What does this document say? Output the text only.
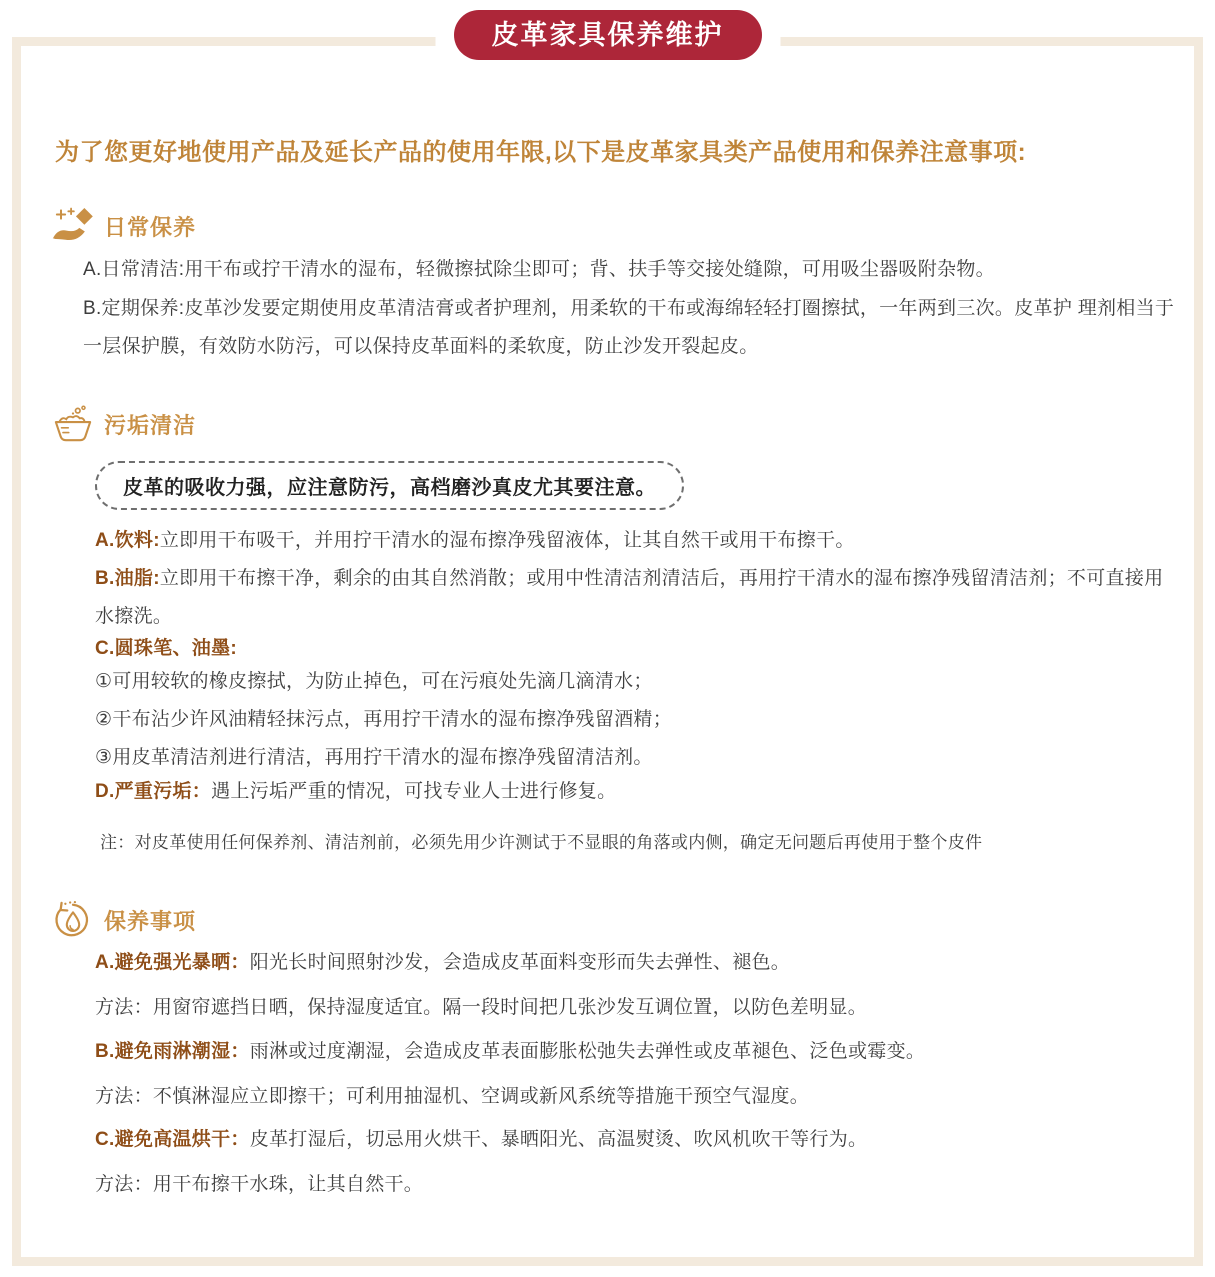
皮革家具保养维护

为了您更好地使用产品及延长产品的使用年限,以下是皮革家具类产品使用和保养注意事项:

日常保养

A.日常清洁:用干布或拧干清水的湿布，轻微擦拭除尘即可；背、扶手等交接处缝隙，可用吸尘器吸附杂物。

B.定期保养:皮革沙发要定期使用皮革清洁膏或者护理剂，用柔软的干布或海绵轻轻打圈擦拭，一年两到三次。皮革护 理剂相当于一层保护膜，有效防水防污，可以保持皮革面料的柔软度，防止沙发开裂起皮。

污垢清洁
皮革的吸收力强，应注意防污，高档磨沙真皮尤其要注意。

A.饮料:立即用干布吸干，并用拧干清水的湿布擦净残留液体，让其自然干或用干布擦干。

B.油脂:立即用干布擦干净，剩余的由其自然消散；或用中性清洁剂清洁后，再用拧干清水的湿布擦净残留清洁剂；不可直接用水擦洗。

C.圆珠笔、油墨:

①可用较软的橡皮擦拭，为防止掉色，可在污痕处先滴几滴清水；

②干布沾少许风油精轻抹污点，再用拧干清水的湿布擦净残留酒精；

③用皮革清洁剂进行清洁，再用拧干清水的湿布擦净残留清洁剂。

D.严重污垢：遇上污垢严重的情况，可找专业人士进行修复。

注：对皮革使用任何保养剂、清洁剂前，必须先用少许测试于不显眼的角落或内侧，确定无问题后再使用于整个皮件

保养事项

A.避免强光暴晒：阳光长时间照射沙发，会造成皮革面料变形而失去弹性、褪色。

方法：用窗帘遮挡日晒，保持湿度适宜。隔一段时间把几张沙发互调位置，以防色差明显。

B.避免雨淋潮湿：雨淋或过度潮湿，会造成皮革表面膨胀松弛失去弹性或皮革褪色、泛色或霉变。

方法：不慎淋湿应立即擦干；可利用抽湿机、空调或新风系统等措施干预空气湿度。

C.避免高温烘干：皮革打湿后，切忌用火烘干、暴晒阳光、高温熨烫、吹风机吹干等行为。

方法：用干布擦干水珠，让其自然干。
